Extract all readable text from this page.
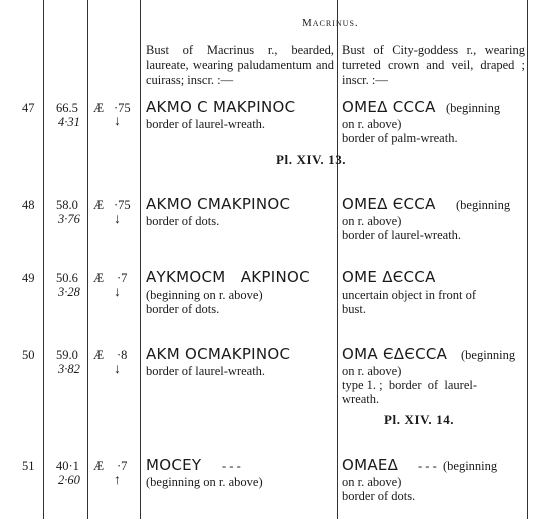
Macrinus.
Bust of Macrinus r., bearded, laureate, wearing paludamentum and cuirass; inscr. :—
Bust of City-goddess r., wearing turreted crown and veil, draped ; inscr. :—
47 66.5
4·31
Æ ·75
↓
ΑΚΜΟ C ΜΑΚΡΙΝΟC
border of laurel-wreath.
ΟΜΕΔ CCCA (beginning
on r. above)
border of palm-wreath.
Pl. XIV. 13.
48 58.0
3·76
Æ ·75
↓
ΑΚΜΟ CΜΑΚΡΙΝΟC
border of dots.
ΟΜΕΔ ЄCCA (beginning
on r. above)
border of laurel-wreath.
49 50.6
3·28
Æ ·7
↓
ΑΥΚΜΟCΜ   ΑΚΡΙΝΟC
(beginning on r. above)
border of dots.
ΟΜΕ ΔЄCCA
uncertain object in front of
bust.
50 59.0
3·82
Æ ·8
↓
ΑΚΜ ΟCΜΑΚΡΙΝΟC
border of laurel-wreath.
ΟΜΑ ЄΔЄCCA (beginning
on r. above)
type 1. ;  border  of  laurel-
wreath.
Pl. XIV. 14.
51 40·1
2·60
Æ ·7
↑
ΜΟCΕΥ - - -
(beginning on r. above)
ΟΜΑΕΔ - - -  (beginning
on r. above)
border of dots.
